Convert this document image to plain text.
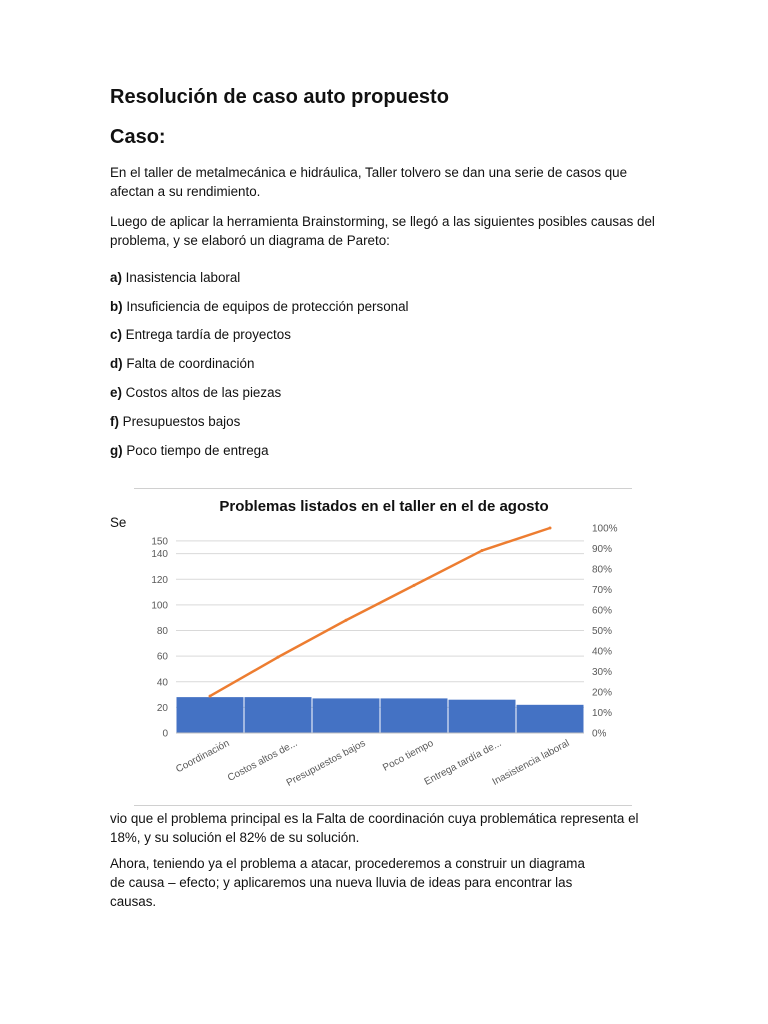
Resolución de caso auto propuesto
Caso:

En el taller de metalmecánica e hidráulica, Taller tolvero se dan una serie de casos que afectan a su rendimiento.

Luego de aplicar la herramienta Brainstorming, se llegó a las siguientes posibles causas del problema, y se elaboró un diagrama de Pareto:

a) Inasistencia laboral

b) Insuficiencia de equipos de protección personal

c) Entrega tardía de proyectos

d) Falta de coordinación

e) Costos altos de las piezas

f) Presupuestos bajos

g) Poco tiempo de entrega

Se
Problemas listados en el taller en el de agosto
0
20
40
60
80
100
120
140
150
0%
10%
20%
30%
40%
50%
60%
70%
80%
90%
100%
Coordinación
Costos altos de...
Presupuestos bajos Poco tiempo
Entrega tardía de...
Inasistencia laboral

vio que el problema principal es la Falta de coordinación cuya problemática representa el 18%, y su solución el 82% de su solución.

Ahora, teniendo ya el problema a atacar, procederemos a construir un diagrama de causa – efecto; y aplicaremos una nueva lluvia de ideas para encontrar las causas.
